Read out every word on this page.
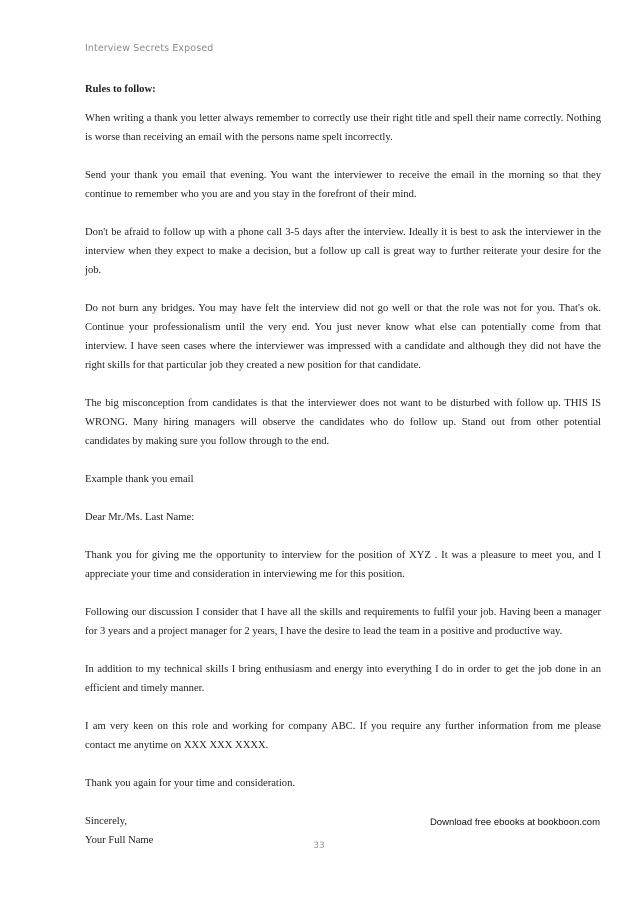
Interview Secrets Exposed

Rules to follow:

When writing a thank you letter always remember to correctly use their right title and spell their name correctly. Nothing is worse than receiving an email with the persons name spelt incorrectly.

Send your thank you email that evening. You want the interviewer to receive the email in the morning so that they continue to remember who you are and you stay in the forefront of their mind.

Don't be afraid to follow up with a phone call 3-5 days after the interview. Ideally it is best to ask the interviewer in the interview when they expect to make a decision, but a follow up call is great way to further reiterate your desire for the job.

Do not burn any bridges. You may have felt the interview did not go well or that the role was not for you. That's ok. Continue your professionalism until the very end. You just never know what else can potentially come from that interview. I have seen cases where the interviewer was impressed with a candidate and although they did not have the right skills for that particular job they created a new position for that candidate.

The big misconception from candidates is that the interviewer does not want to be disturbed with follow up. THIS IS WRONG. Many hiring managers will observe the candidates who do follow up. Stand out from other potential candidates by making sure you follow through to the end.

Example thank you email

Dear Mr./Ms. Last Name:

Thank you for giving me the opportunity to interview for the position of XYZ . It was a pleasure to meet you, and I appreciate your time and consideration in interviewing me for this position.

Following our discussion I consider that I have all the skills and requirements to fulfil your job. Having been a manager for 3 years and a project manager for 2 years, I have the desire to lead the team in a positive and productive way.

In addition to my technical skills I bring enthusiasm and energy into everything I do in order to get the job done in an efficient and timely manner.

I am very keen on this role and working for company ABC. If you require any further information from me please contact me anytime on XXX XXX XXXX.

Thank you again for your time and consideration.

Sincerely,

Your Full Name

Download free ebooks at bookboon.com
33
